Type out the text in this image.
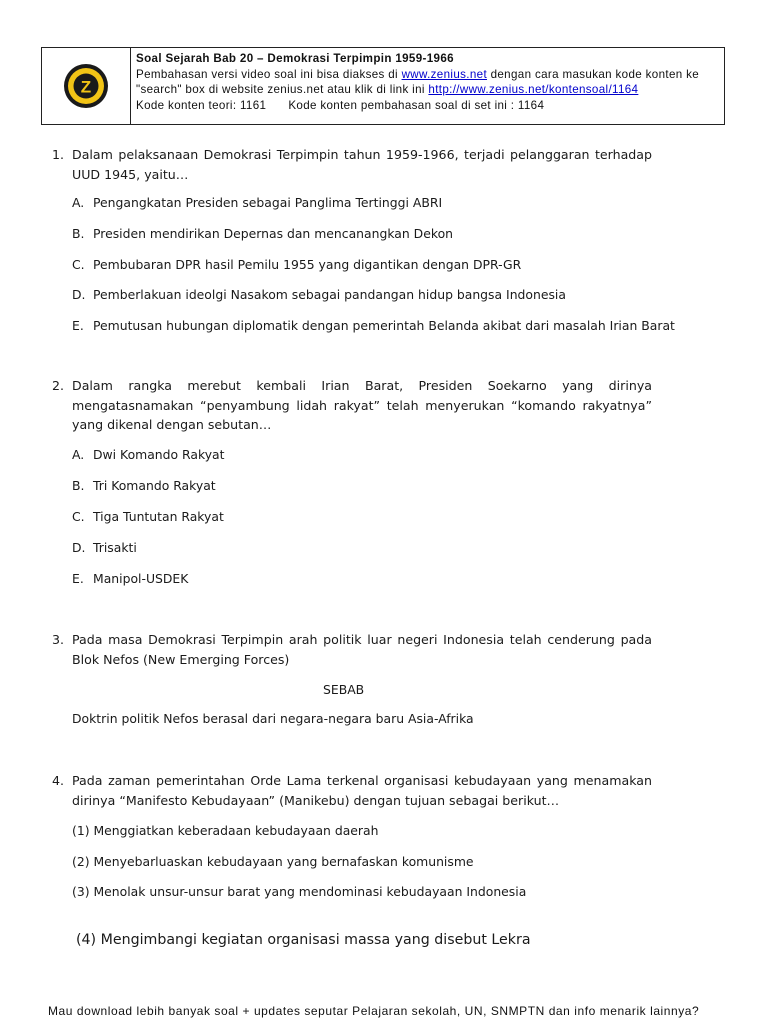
Z
Soal Sejarah Bab 20 – Demokrasi Terpimpin 1959-1966
Pembahasan versi video soal ini bisa diakses di www.zenius.net dengan cara masukan kode konten ke
"search" box di website zenius.net atau klik di link ini http://www.zenius.net/kontensoal/1164
Kode konten teori: 1161 Kode konten pembahasan soal di set ini : 1164
1. Dalam pelaksanaan Demokrasi Terpimpin tahun 1959-1966, terjadi pelanggaran terhadap UUD 1945, yaitu…
A. Pengangkatan Presiden sebagai Panglima Tertinggi ABRI
B. Presiden mendirikan Depernas dan mencanangkan Dekon
C. Pembubaran DPR hasil Pemilu 1955 yang digantikan dengan DPR-GR
D. Pemberlakuan ideolgi Nasakom sebagai pandangan hidup bangsa Indonesia
E. Pemutusan hubungan diplomatik dengan pemerintah Belanda akibat dari masalah Irian Barat
2. Dalam rangka merebut kembali Irian Barat, Presiden Soekarno yang dirinya mengatasnamakan “penyambung lidah rakyat” telah menyerukan “komando rakyatnya” yang dikenal dengan sebutan…
A. Dwi Komando Rakyat
B. Tri Komando Rakyat
C. Tiga Tuntutan Rakyat
D. Trisakti
E. Manipol-USDEK
3. Pada masa Demokrasi Terpimpin arah politik luar negeri Indonesia telah cenderung pada Blok Nefos (New Emerging Forces)
SEBAB
Doktrin politik Nefos berasal dari negara-negara baru Asia-Afrika
4. Pada zaman pemerintahan Orde Lama terkenal organisasi kebudayaan yang menamakan dirinya “Manifesto Kebudayaan” (Manikebu) dengan tujuan sebagai berikut…
(1) Menggiatkan keberadaan kebudayaan daerah
(2) Menyebarluaskan kebudayaan yang bernafaskan komunisme
(3) Menolak unsur-unsur barat yang mendominasi kebudayaan Indonesia
(4) Mengimbangi kegiatan organisasi massa yang disebut Lekra
Mau download lebih banyak soal + updates seputar Pelajaran sekolah, UN, SNMPTN dan info menarik lainnya?
